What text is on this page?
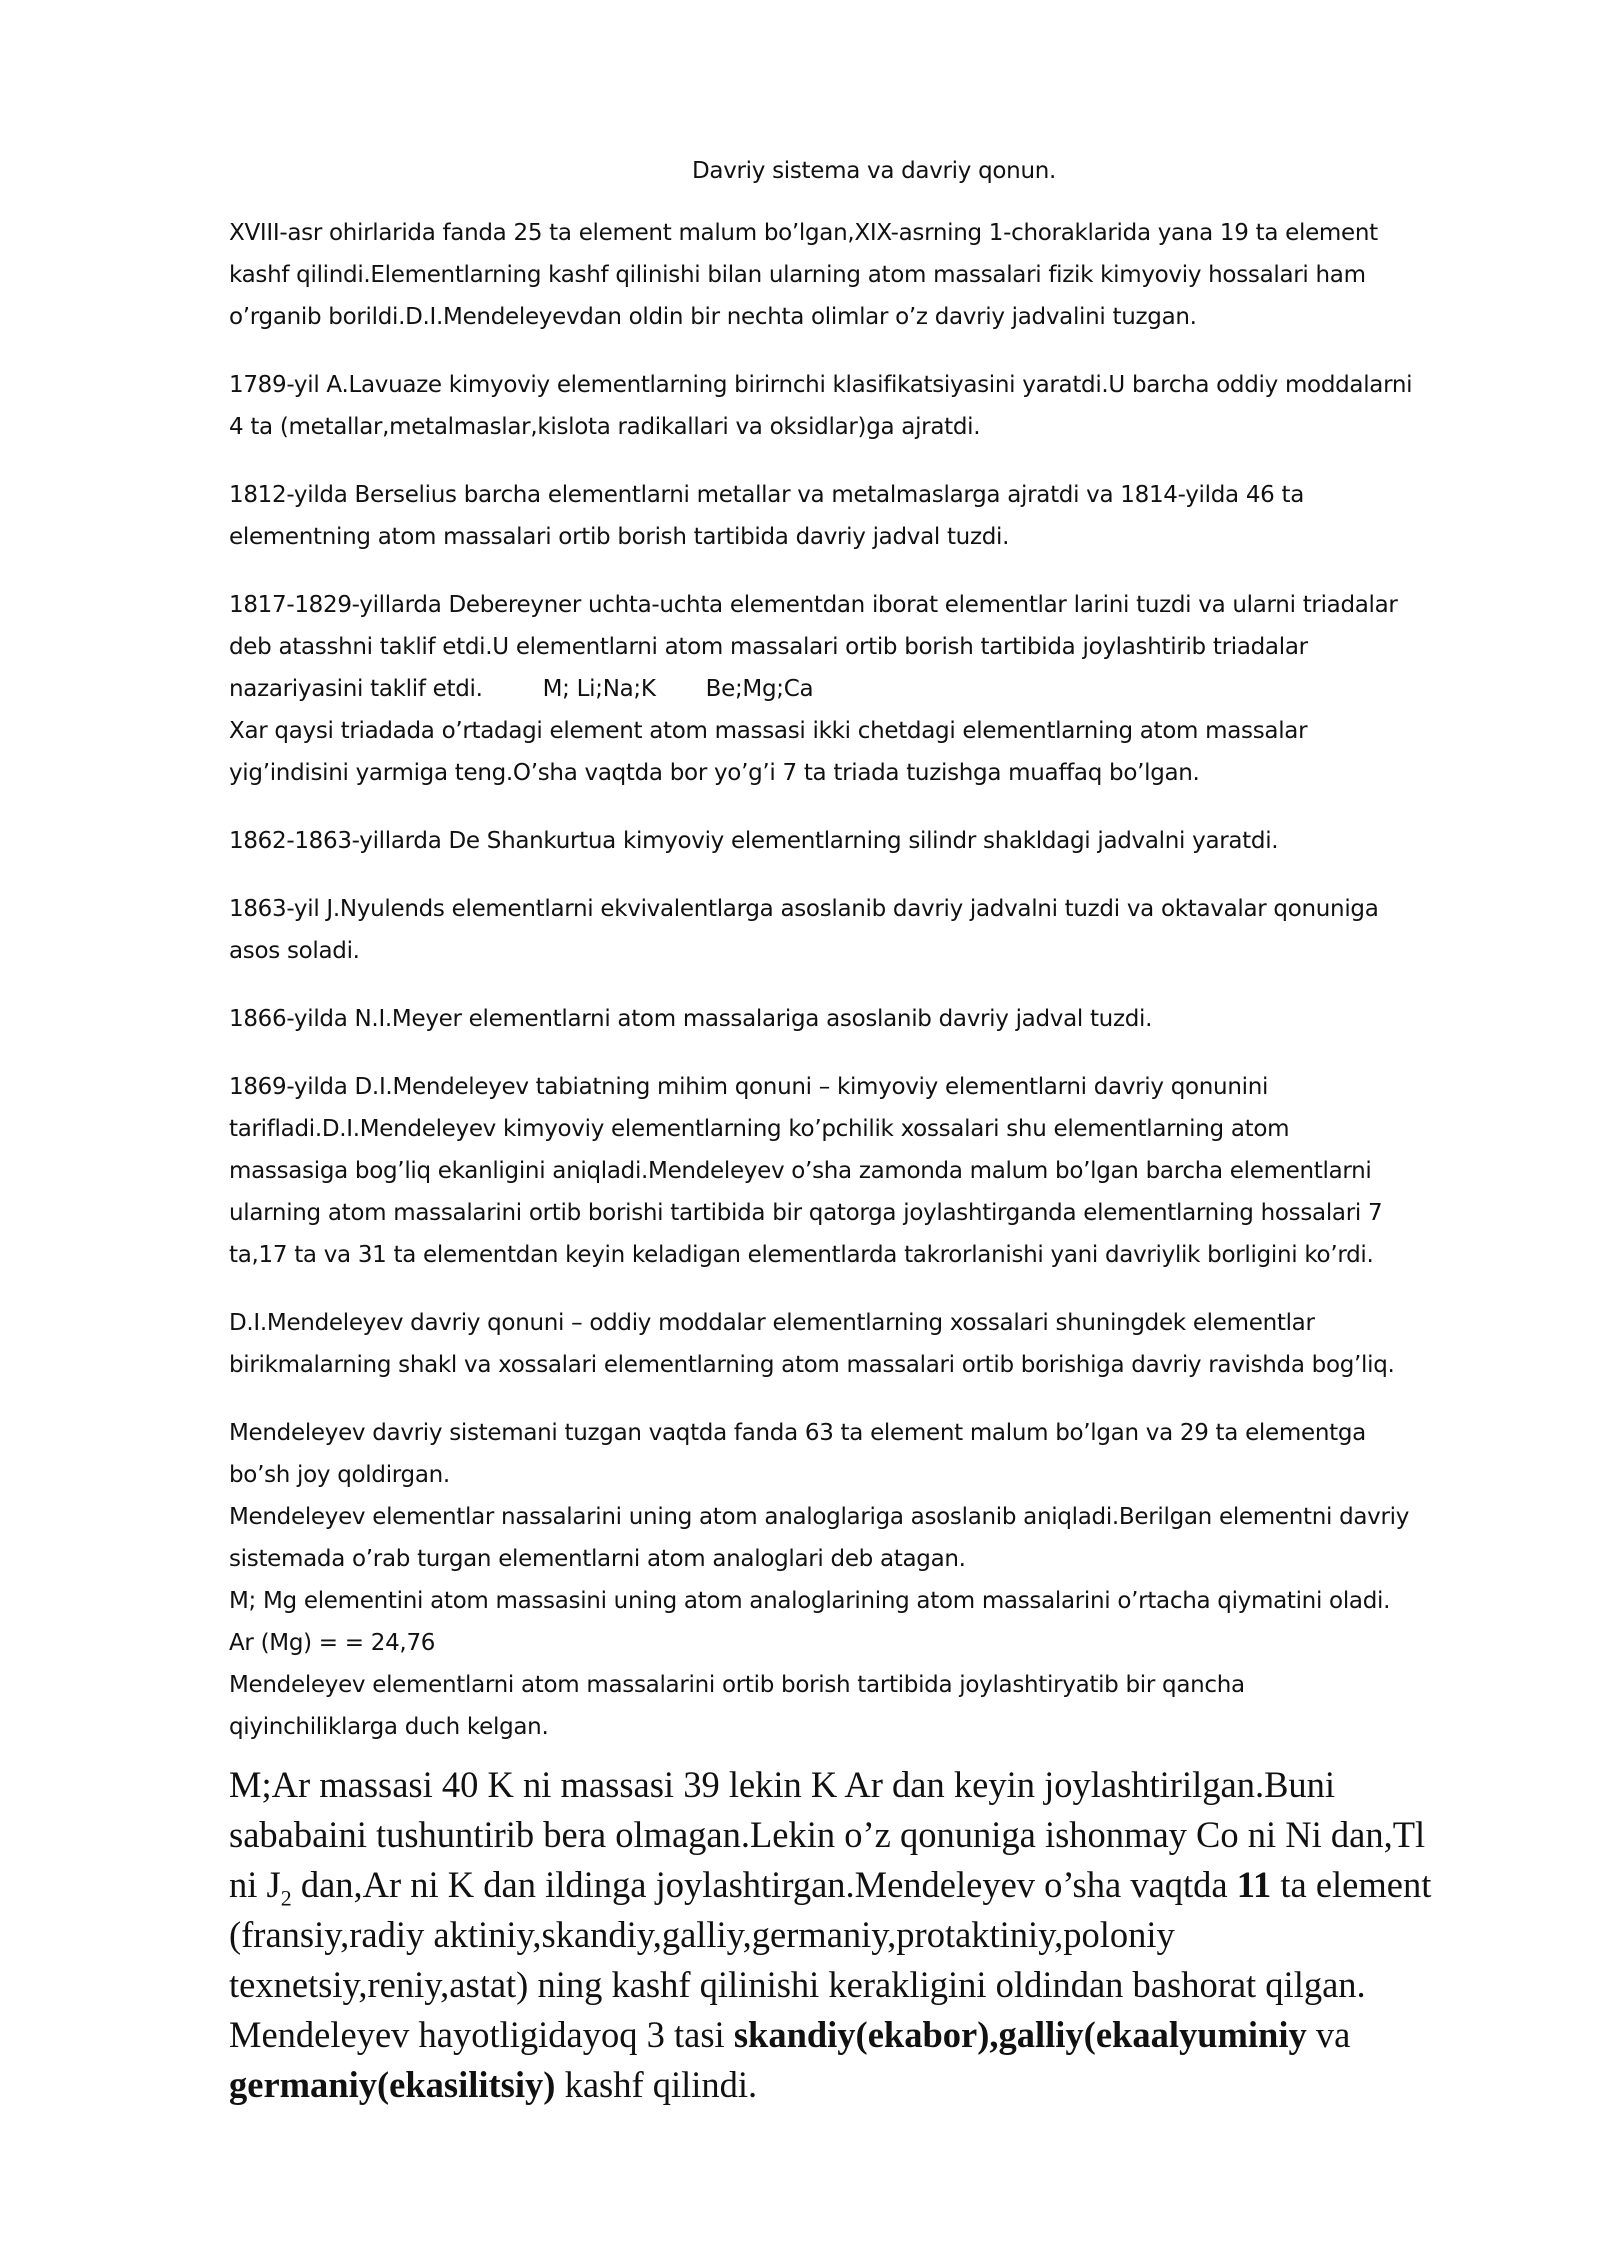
Davriy sistema va davriy qonun.
XVIII-asr ohirlarida fanda 25 ta element malum bo’lgan,XIX-asrning 1-choraklarida yana 19 ta element
kashf qilindi.Elementlarning kashf qilinishi bilan ularning atom massalari fizik kimyoviy hossalari ham
o’rganib borildi.D.I.Mendeleyevdan oldin bir nechta olimlar o’z davriy jadvalini tuzgan.
1789-yil A.Lavuaze kimyoviy elementlarning birirnchi klasifikatsiyasini yaratdi.U barcha oddiy moddalarni
4 ta (metallar,metalmaslar,kislota radikallari va oksidlar)ga ajratdi.
1812-yilda Berselius barcha elementlarni metallar va metalmaslarga ajratdi va 1814-yilda 46 ta
elementning atom massalari ortib borish tartibida davriy jadval tuzdi.
1817-1829-yillarda Debereyner uchta-uchta elementdan iborat elementlar larini tuzdi va ularni triadalar
deb atasshni taklif etdi.U elementlarni atom massalari ortib borish tartibida joylashtirib triadalar
nazariyasini taklif etdi.	M; Li;Na;K Be;Mg;Ca
Xar qaysi triadada o’rtadagi element atom massasi ikki chetdagi elementlarning atom massalar
yig’indisini yarmiga teng.O’sha vaqtda bor yo’g’i 7 ta triada tuzishga muaffaq bo’lgan.
1862-1863-yillarda De Shankurtua kimyoviy elementlarning silindr shakldagi jadvalni yaratdi.
1863-yil J.Nyulends elementlarni ekvivalentlarga asoslanib davriy jadvalni tuzdi va oktavalar qonuniga
asos soladi.
1866-yilda N.I.Meyer elementlarni atom massalariga asoslanib davriy jadval tuzdi.
1869-yilda D.I.Mendeleyev tabiatning mihim qonuni – kimyoviy elementlarni davriy qonunini
tarifladi.D.I.Mendeleyev kimyoviy elementlarning ko’pchilik xossalari shu elementlarning atom
massasiga bog’liq ekanligini aniqladi.Mendeleyev o’sha zamonda malum bo’lgan barcha elementlarni
ularning atom massalarini ortib borishi tartibida bir qatorga joylashtirganda elementlarning hossalari 7
ta,17 ta va 31 ta elementdan keyin keladigan elementlarda takrorlanishi yani davriylik borligini ko’rdi.
D.I.Mendeleyev davriy qonuni – oddiy moddalar elementlarning xossalari shuningdek elementlar
birikmalarning shakl va xossalari elementlarning atom massalari ortib borishiga davriy ravishda bog’liq.
Mendeleyev davriy sistemani tuzgan vaqtda fanda 63 ta element malum bo’lgan va 29 ta elementga
bo’sh joy qoldirgan.
Mendeleyev elementlar nassalarini uning atom analoglariga asoslanib aniqladi.Berilgan elementni davriy
sistemada o’rab turgan elementlarni atom analoglari deb atagan.
M; Mg elementini atom massasini uning atom analoglarining atom massalarini o’rtacha qiymatini oladi.
Ar (Mg) = = 24,76
Mendeleyev elementlarni atom massalarini ortib borish tartibida joylashtiryatib bir qancha
qiyinchiliklarga duch kelgan.
M;Ar massasi 40 K ni massasi 39 lekin K Ar dan keyin joylashtirilgan.Buni
sababaini tushuntirib bera olmagan.Lekin o’z qonuniga ishonmay Co ni Ni dan,Tl
ni $J_2$ dan,Ar ni K dan ildinga joylashtirgan.Mendeleyev o’sha vaqtda 11 ta element
(fransiy,radiy aktiniy,skandiy,galliy,germaniy,protaktiniy,poloniy
texnetsiy,reniy,astat) ning kashf qilinishi kerakligini oldindan bashorat qilgan.
Mendeleyev hayotligidayoq 3 tasi skandiy(ekabor),galliy(ekaalyuminiy va
germaniy(ekasilitsiy) kashf qilindi.
